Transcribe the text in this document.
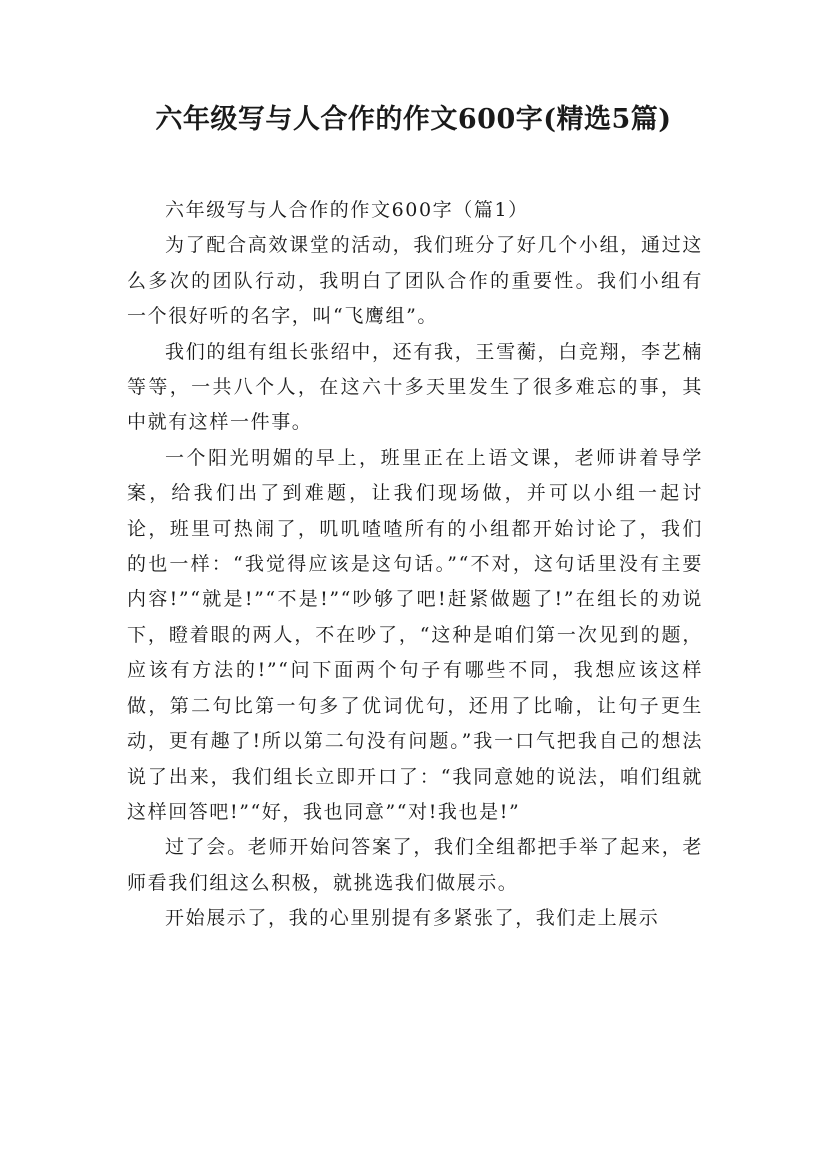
六年级写与人合作的作文600字(精选5篇)

六年级写与人合作的作文600字（篇1）

为了配合高效课堂的活动，我们班分了好几个小组，通过这么多次的团队行动，我明白了团队合作的重要性。我们小组有一个很好听的名字，叫“飞鹰组”。

我们的组有组长张绍中，还有我，王雪蘅，白竞翔，李艺楠等等，一共八个人，在这六十多天里发生了很多难忘的事，其中就有这样一件事。

一个阳光明媚的早上，班里正在上语文课，老师讲着导学案，给我们出了到难题，让我们现场做，并可以小组一起讨论，班里可热闹了，叽叽喳喳所有的小组都开始讨论了，我们的也一样：“我觉得应该是这句话。”“不对，这句话里没有主要内容!”“就是!”“不是!”“吵够了吧!赶紧做题了!”在组长的劝说下，瞪着眼的两人，不在吵了，“这种是咱们第一次见到的题，应该有方法的!”“问下面两个句子有哪些不同，我想应该这样做，第二句比第一句多了优词优句，还用了比喻，让句子更生动，更有趣了!所以第二句没有问题。”我一口气把我自己的想法说了出来，我们组长立即开口了：“我同意她的说法，咱们组就这样回答吧!”“好，我也同意”“对!我也是!”

过了会。老师开始问答案了，我们全组都把手举了起来，老师看我们组这么积极，就挑选我们做展示。

开始展示了，我的心里别提有多紧张了，我们走上展示
